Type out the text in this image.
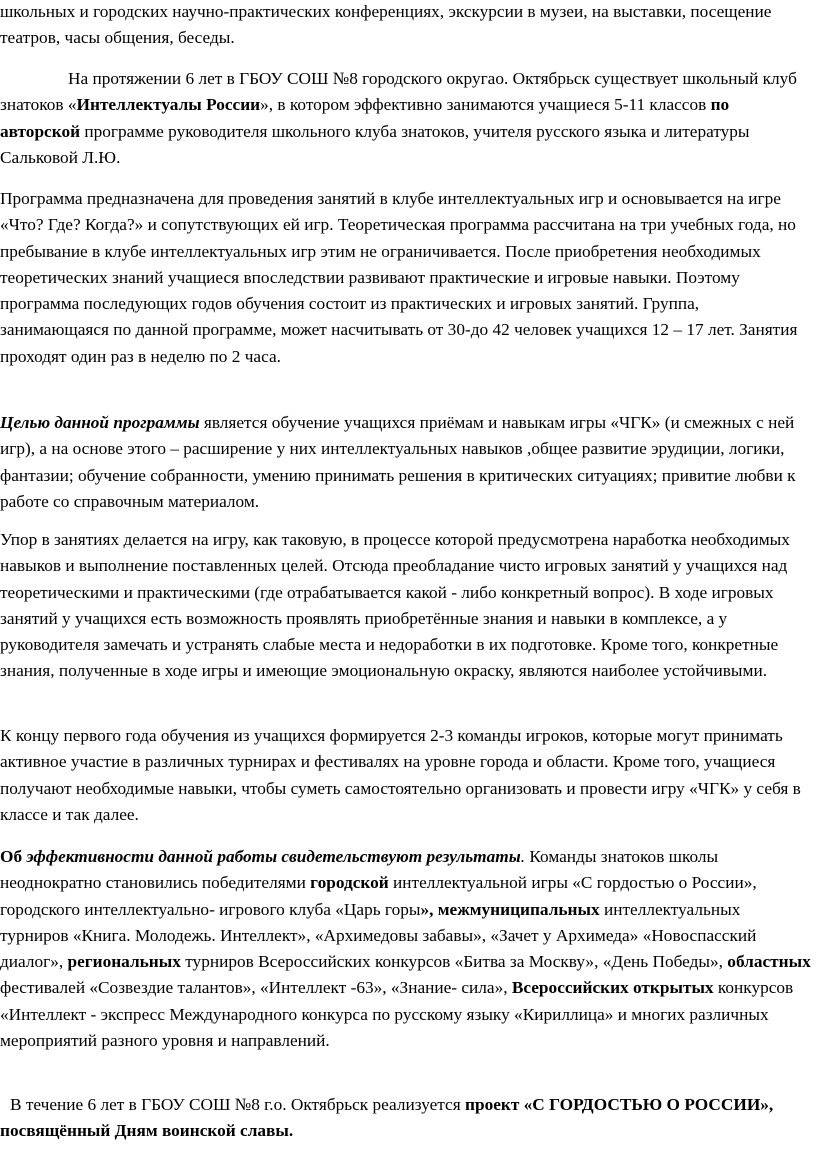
школьных и городских научно-практических конференциях, экскурсии в музеи, на выставки, посещение театров, часы общения, беседы.

На протяжении 6 лет в ГБОУ СОШ №8 городского округао. Октябрьск существует школьный клуб знатоков «Интеллектуалы России», в котором эффективно занимаются учащиеся 5-11 классов по авторской программе руководителя школьного клуба знатоков, учителя русского языка и литературы Сальковой Л.Ю.

Программа предназначена для проведения занятий в клубе интеллектуальных игр и основывается на игре «Что? Где? Когда?» и сопутствующих ей игр. Теоретическая программа рассчитана на три учебных года, но пребывание в клубе интеллектуальных игр этим не ограничивается. После приобретения необходимых теоретических знаний учащиеся впоследствии развивают практические и игровые навыки. Поэтому программа последующих годов обучения состоит из практических и игровых занятий. Группа, занимающаяся по данной программе, может насчитывать от 30-до 42 человек учащихся 12 – 17 лет. Занятия проходят один раз в неделю по 2 часа.

Целью данной программы является обучение учащихся приёмам и навыкам игры «ЧГК» (и смежных с ней игр), а на основе этого – расширение у них интеллектуальных навыков ,общее развитие эрудиции, логики, фантазии; обучение собранности, умению принимать решения в критических ситуациях; привитие любви к работе со справочным материалом.

Упор в занятиях делается на игру, как таковую, в процессе которой предусмотрена наработка необходимых навыков и выполнение поставленных целей. Отсюда преобладание чисто игровых занятий у учащихся над теоретическими и практическими (где отрабатывается какой - либо конкретный вопрос). В ходе игровых занятий у учащихся есть возможность проявлять приобретённые знания и навыки в комплексе, а у руководителя замечать и устранять слабые места и недоработки в их подготовке. Кроме того, конкретные знания, полученные в ходе игры и имеющие эмоциональную окраску, являются наиболее устойчивыми.

К концу первого года обучения из учащихся формируется 2-3 команды игроков, которые могут принимать активное участие в различных турнирах и фестивалях на уровне города и области. Кроме того, учащиеся получают необходимые навыки, чтобы суметь самостоятельно организовать и провести игру «ЧГК» у себя в классе и так далее.

Об эффективности данной работы свидетельствуют результаты. Команды знатоков школы неоднократно становились победителями городской интеллектуальной игры «С гордостью о России», городского интеллектуально- игрового клуба «Царь горы», межмуниципальных интеллектуальных турниров «Книга. Молодежь. Интеллект», «Архимедовы забавы», «Зачет у Архимеда» «Новоспасский диалог», региональных турниров Всероссийских конкурсов «Битва за Москву», «День Победы», областных фестивалей «Созвездие талантов», «Интеллект -63», «Знание- сила», Всероссийских открытых конкурсов «Интеллект - экспресс Международного конкурса по русскому языку «Кириллица» и многих различных мероприятий разного уровня и направлений.

В течение 6 лет в ГБОУ СОШ №8 г.о. Октябрьск реализуется проект «С ГОРДОСТЬЮ О РОССИИ», посвящённый Дням воинской славы.
